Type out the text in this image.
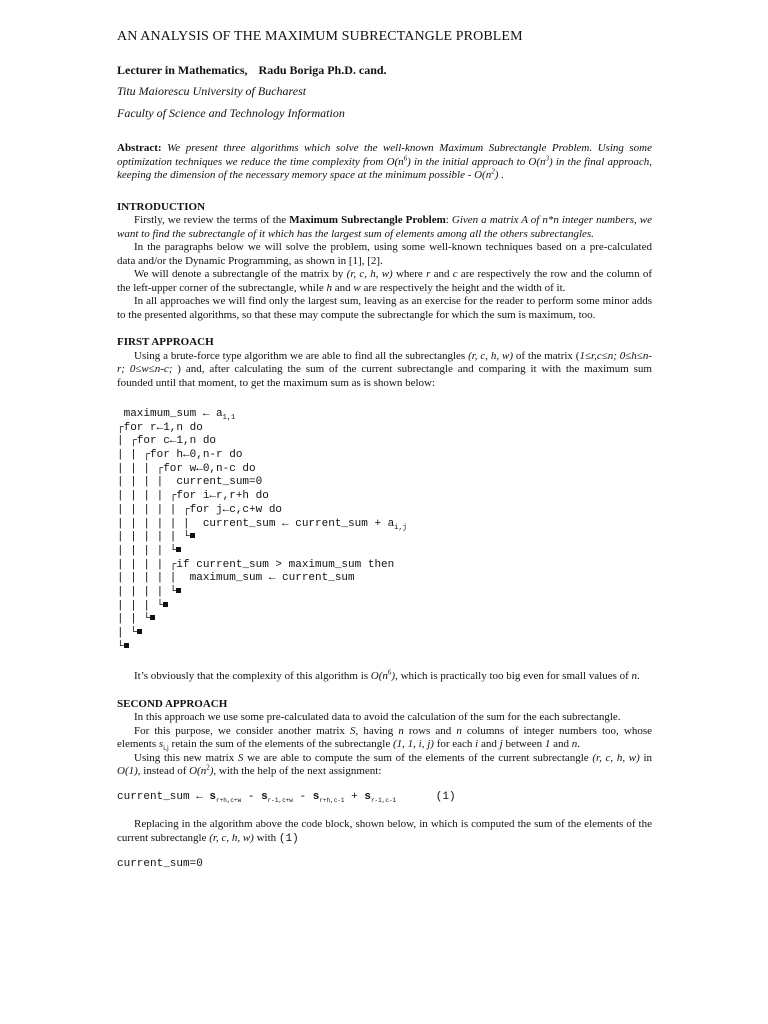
AN ANALYSIS OF THE MAXIMUM SUBRECTANGLE PROBLEM
Lecturer in Mathematics, Radu Boriga Ph.D. cand.
Titu Maiorescu University of Bucharest
Faculty of Science and Technology Information

Abstract: We present three algorithms which solve the well-known Maximum Subrectangle Problem. Using some optimization techniques we reduce the time complexity from $O(n^6)$ in the initial approach to $O(n^3)$ in the final approach, keeping the dimension of the necessary memory space at the minimum possible - $O(n^2)$ .

INTRODUCTION

Firstly, we review the terms of the Maximum Subrectangle Problem: Given a matrix A of n*n integer numbers, we want to find the subrectangle of it which has the largest sum of elements among all the others subrectangles.

In the paragraphs below we will solve the problem, using some well-known techniques based on a pre-calculated data and/or the Dynamic Programming, as shown in [1], [2].

We will denote a subrectangle of the matrix by (r, c, h, w) where r and c are respectively the row and the column of the left-upper corner of the subrectangle, while h and w are respectively the height and the width of it.

In all approaches we will find only the largest sum, leaving as an exercise for the reader to perform some minor adds to the presented algorithms, so that these may compute the subrectangle for which the sum is maximum, too.

FIRST APPROACH

Using a brute-force type algorithm we are able to find all the subrectangles (r, c, h, w) of the matrix (1≤r,c≤n; 0≤h≤n-r; 0≤w≤n-c; ) and, after calculating the sum of the current subrectangle and comparing it with the maximum sum founded until that moment, to get the maximum sum as is shown below:

maximum_sum ← $a_{1,1}$
┌for r←1,n do
| ┌for c←1,n do
| | ┌for h←0,n-r do
| | | ┌for w←0,n-c do
| | | |  current_sum=0
| | | | ┌for i←r,r+h do
| | | | | ┌for j←c,c+w do
| | | | | |  current_sum ← current_sum + $a_{i,j}$
| | | | | └
| | | | └
| | | | ┌if current_sum > maximum_sum then
| | | | |  maximum_sum ← current_sum
| | | | └
| | | └
| | └
| └
└

It’s obviously that the complexity of this algorithm is $O(n^6)$, which is practically too big even for small values of n.

SECOND APPROACH

In this approach we use some pre-calculated data to avoid the calculation of the sum for the each subrectangle.

For this purpose, we consider another matrix S, having n rows and n columns of integer numbers too, whose elements $s_{i,j}$ retain the sum of the elements of the subrectangle (1, 1, i, j) for each i and j between 1 and n.

Using this new matrix S we are able to compute the sum of the elements of the current subrectangle (r, c, h, w) in O(1), instead of $O(n^2)$, with the help of the next assignment:

current_sum ← $s_{r+h,c+w} - s_{r-1,c+w} - s_{r+h,c-1} + s_{r-1,c-1}$      (1)

Replacing in the algorithm above the code block, shown below, in which is computed the sum of the elements of the current subrectangle (r, c, h, w) with (1)

current_sum=0
